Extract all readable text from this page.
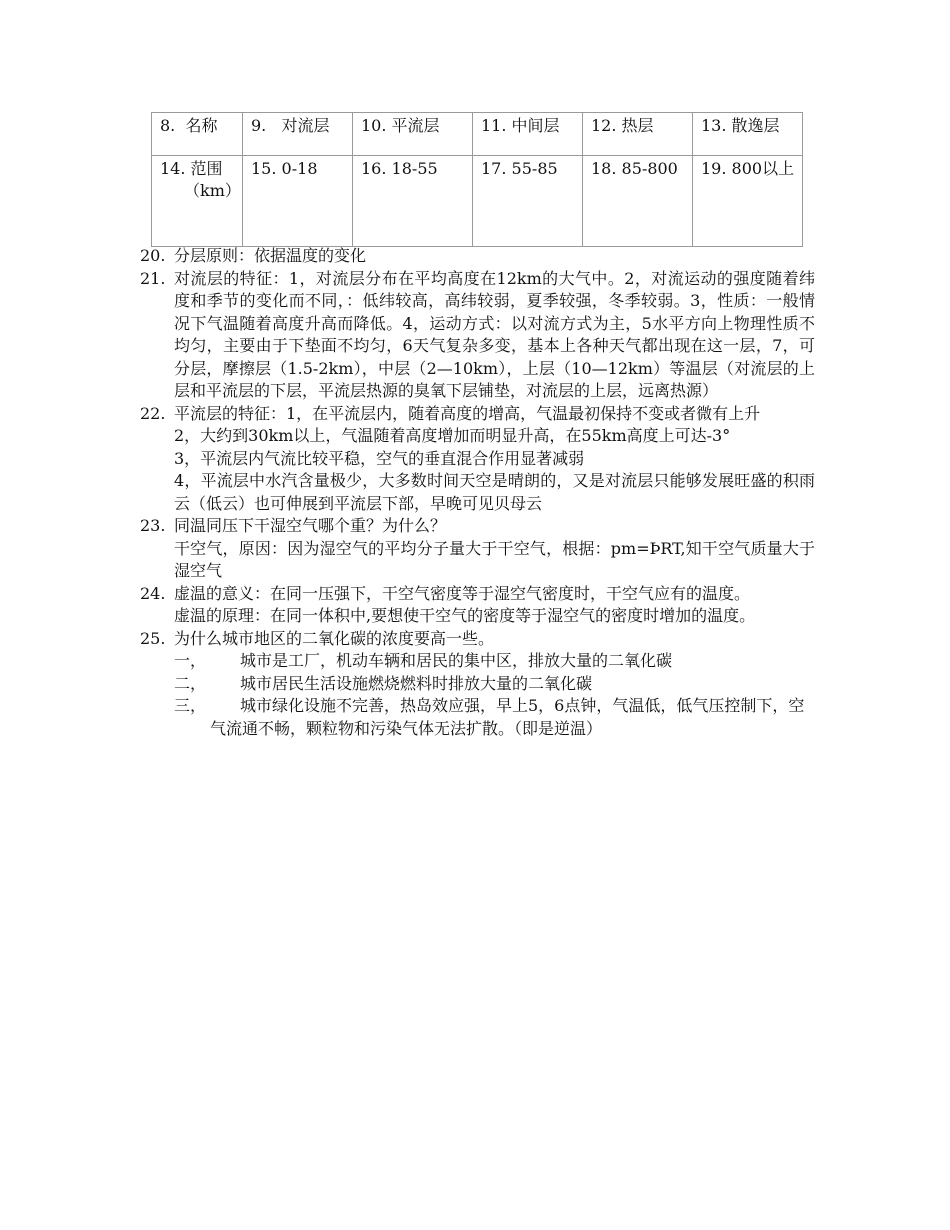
8. 名称	9. 对流层	10. 平流层	11. 中间层	12. 热层	13. 散逸层

14. 范围（km）	15. 0-18	16. 18-55	17. 55-85	18. 85-800	19. 800以上
20. 分层原则：依据温度的变化

21. 对流层的特征：1，对流层分布在平均高度在12km的大气中。2，对流运动的强度随着纬度和季节的变化而不同，：低纬较高，高纬较弱，夏季较强，冬季较弱。3，性质：一般情况下气温随着高度升高而降低。4，运动方式：以对流方式为主，5水平方向上物理性质不均匀，主要由于下垫面不均匀，6天气复杂多变，基本上各种天气都出现在这一层，7，可分层，摩擦层（1.5-2km），中层（2—10km），上层（10—12km）等温层（对流层的上层和平流层的下层，平流层热源的臭氧下层铺垫，对流层的上层，远离热源）

22. 平流层的特征：1，在平流层内，随着高度的增高，气温最初保持不变或者微有上升

2，大约到30km以上，气温随着高度增加而明显升高，在55km高度上可达-3°

3，平流层内气流比较平稳，空气的垂直混合作用显著减弱

4，平流层中水汽含量极少，大多数时间天空是晴朗的，又是对流层只能够发展旺盛的积雨云（低云）也可伸展到平流层下部，早晚可见贝母云

23. 同温同压下干湿空气哪个重？为什么？

干空气，原因：因为湿空气的平均分子量大于干空气，根据：pm=ÞRT,知干空气质量大于湿空气

24. 虚温的意义：在同一压强下，干空气密度等于湿空气密度时，干空气应有的温度。

虚温的原理：在同一体积中,要想使干空气的密度等于湿空气的密度时增加的温度。

25. 为什么城市地区的二氧化碳的浓度要高一些。

一， 城市是工厂，机动车辆和居民的集中区，排放大量的二氧化碳
二， 城市居民生活设施燃烧燃料时排放大量的二氧化碳
三，	城市绿化设施不完善，热岛效应强，早上5，6点钟，气温低，低气压控制下，空气流通不畅，颗粒物和污染气体无法扩散。（即是逆温）
